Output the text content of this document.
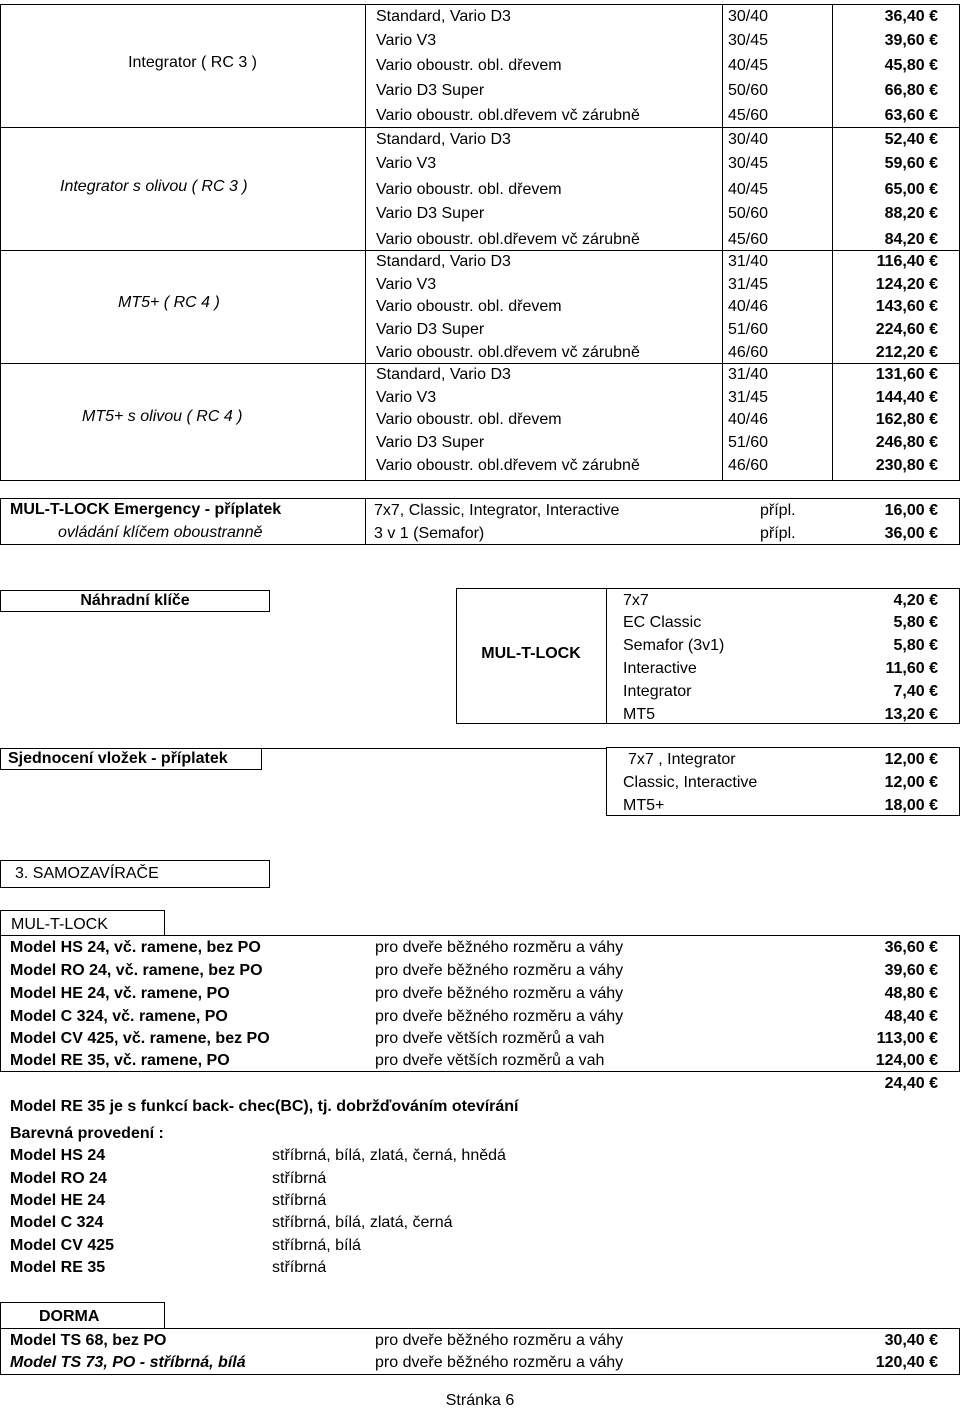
Integrator ( RC 3 )
Standard, Vario D3	30/40	36,40 €
Vario V3	30/45	39,60 €
Vario oboustr. obl. dřevem	40/45	45,80 €
Vario D3 Super	50/60	66,80 €
Vario oboustr. obl.dřevem vč zárubně	45/60	63,60 €
Integrator s olivou ( RC 3 )
Standard, Vario D3	30/40	52,40 €
Vario V3	30/45	59,60 €
Vario oboustr. obl. dřevem	40/45	65,00 €
Vario D3 Super	50/60	88,20 €
Vario oboustr. obl.dřevem vč zárubně	45/60	84,20 €
MT5+ ( RC 4 )
Standard, Vario D3	31/40	116,40 €
Vario V3	31/45	124,20 €
Vario oboustr. obl. dřevem	40/46	143,60 €
Vario D3 Super	51/60	224,60 €
Vario oboustr. obl.dřevem vč zárubně	46/60	212,20 €
MT5+ s olivou ( RC 4 )
Standard, Vario D3	31/40	131,60 €
Vario V3	31/45	144,40 €
Vario oboustr. obl. dřevem	40/46	162,80 €
Vario D3 Super	51/60	246,80 €
Vario oboustr. obl.dřevem vč zárubně	46/60	230,80 €
MUL-T-LOCK Emergency - příplatek
ovládání klíčem oboustranně
7x7, Classic, Integrator, Interactive	přípl.	16,00 €
3 v 1 (Semafor)	přípl.	36,00 €
Náhradní klíče
MUL-T-LOCK
7x7	4,20 €
EC Classic	5,80 €
Semafor (3v1)	5,80 €
Interactive	11,60 €
Integrator	7,40 €
MT5	13,20 €
Sjednocení vložek - příplatek	7x7 , Integrator	12,00 €
Classic, Interactive	12,00 €
MT5+	18,00 €
3. SAMOZAVÍRAČE
MUL-T-LOCK
Model HS 24, vč. ramene, bez PO	pro dveře běžného rozměru a váhy	36,60 €
Model RO 24, vč. ramene, bez PO	pro dveře běžného rozměru a váhy	39,60 €
Model HE 24, vč. ramene, PO	pro dveře běžného rozměru a váhy	48,80 €
Model C 324, vč. ramene, PO	pro dveře běžného rozměru a váhy	48,40 €
Model CV 425, vč. ramene, bez PO	pro dveře větších rozměrů a vah	113,00 €
Model RE 35, vč. ramene, PO	pro dveře větších rozměrů a vah	124,00 €
24,40 €
Model RE 35 je s funkcí back- chec(BC), tj. dobržďováním otevírání
Barevná provedení :
Model HS 24	stříbrná, bílá, zlatá, černá, hnědá
Model RO 24	stříbrná
Model HE 24	stříbrná
Model C 324	stříbrná, bílá, zlatá, černá
Model CV 425	stříbrná, bílá
Model RE 35	stříbrná
DORMA
Model TS 68, bez PO	pro dveře běžného rozměru a váhy	30,40 €
Model TS 73, PO - stříbrná, bílá	pro dveře běžného rozměru a váhy	120,40 €
Stránka 6
